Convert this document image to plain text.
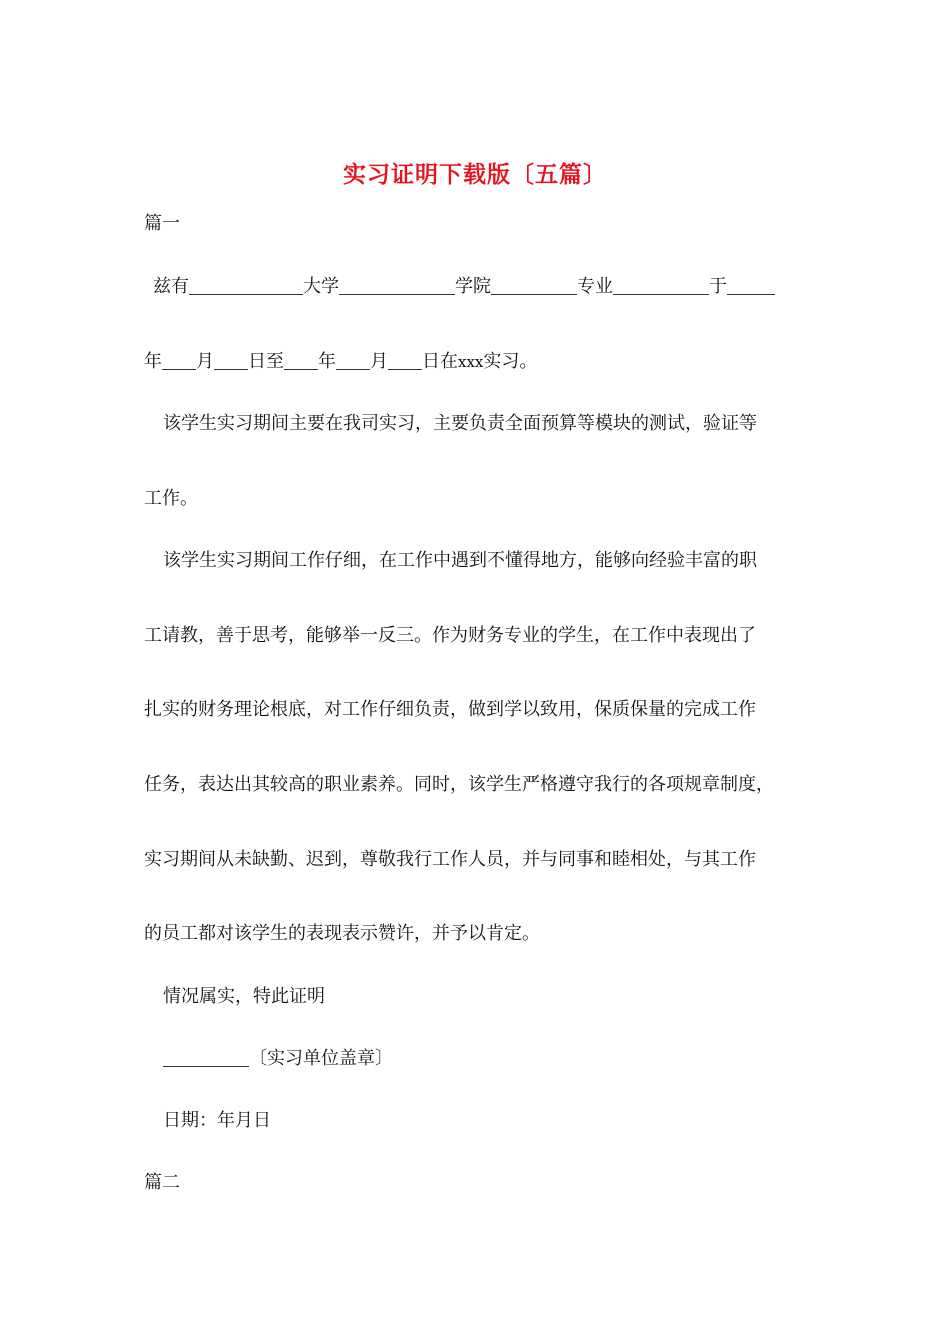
实习证明下载版〔五篇〕
篇一
兹有	大学	学院	专业	于
年 月 日至 年 月 日在xxx实习。
该学生实习期间主要在我司实习，主要负责全面预算等模块的测试，验证等
工作。
该学生实习期间工作仔细，在工作中遇到不懂得地方，能够向经验丰富的职
工请教，善于思考，能够举一反三。作为财务专业的学生，在工作中表现出了
扎实的财务理论根底，对工作仔细负责，做到学以致用，保质保量的完成工作
任务，表达出其较高的职业素养。同时，该学生严格遵守我行的各项规章制度，
实习期间从未缺勤、迟到，尊敬我行工作人员，并与同事和睦相处，与其工作
的员工都对该学生的表现表示赞许，并予以肯定。
情况属实，特此证明
〔实习单位盖章〕
日期：年月日
篇二
